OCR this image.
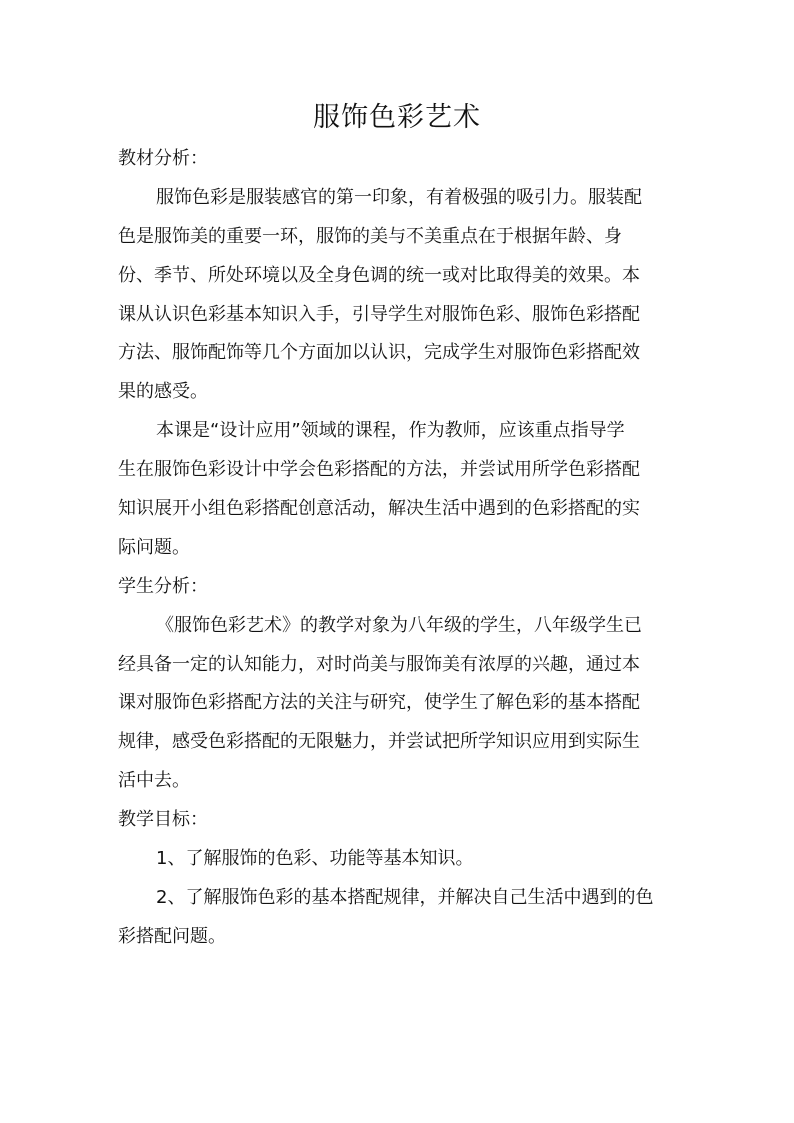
服饰色彩艺术
教材分析：
服饰色彩是服装感官的第一印象，有着极强的吸引力。服装配
色是服饰美的重要一环，服饰的美与不美重点在于根据年龄、身
份、季节、所处环境以及全身色调的统一或对比取得美的效果。本
课从认识色彩基本知识入手，引导学生对服饰色彩、服饰色彩搭配
方法、服饰配饰等几个方面加以认识，完成学生对服饰色彩搭配效
果的感受。
本课是“设计应用”领域的课程，作为教师，应该重点指导学
生在服饰色彩设计中学会色彩搭配的方法，并尝试用所学色彩搭配
知识展开小组色彩搭配创意活动，解决生活中遇到的色彩搭配的实
际问题。
学生分析：
《服饰色彩艺术》的教学对象为八年级的学生，八年级学生已
经具备一定的认知能力，对时尚美与服饰美有浓厚的兴趣，通过本
课对服饰色彩搭配方法的关注与研究，使学生了解色彩的基本搭配
规律，感受色彩搭配的无限魅力，并尝试把所学知识应用到实际生
活中去。
教学目标：
1、了解服饰的色彩、功能等基本知识。
2、了解服饰色彩的基本搭配规律，并解决自己生活中遇到的色
彩搭配问题。
